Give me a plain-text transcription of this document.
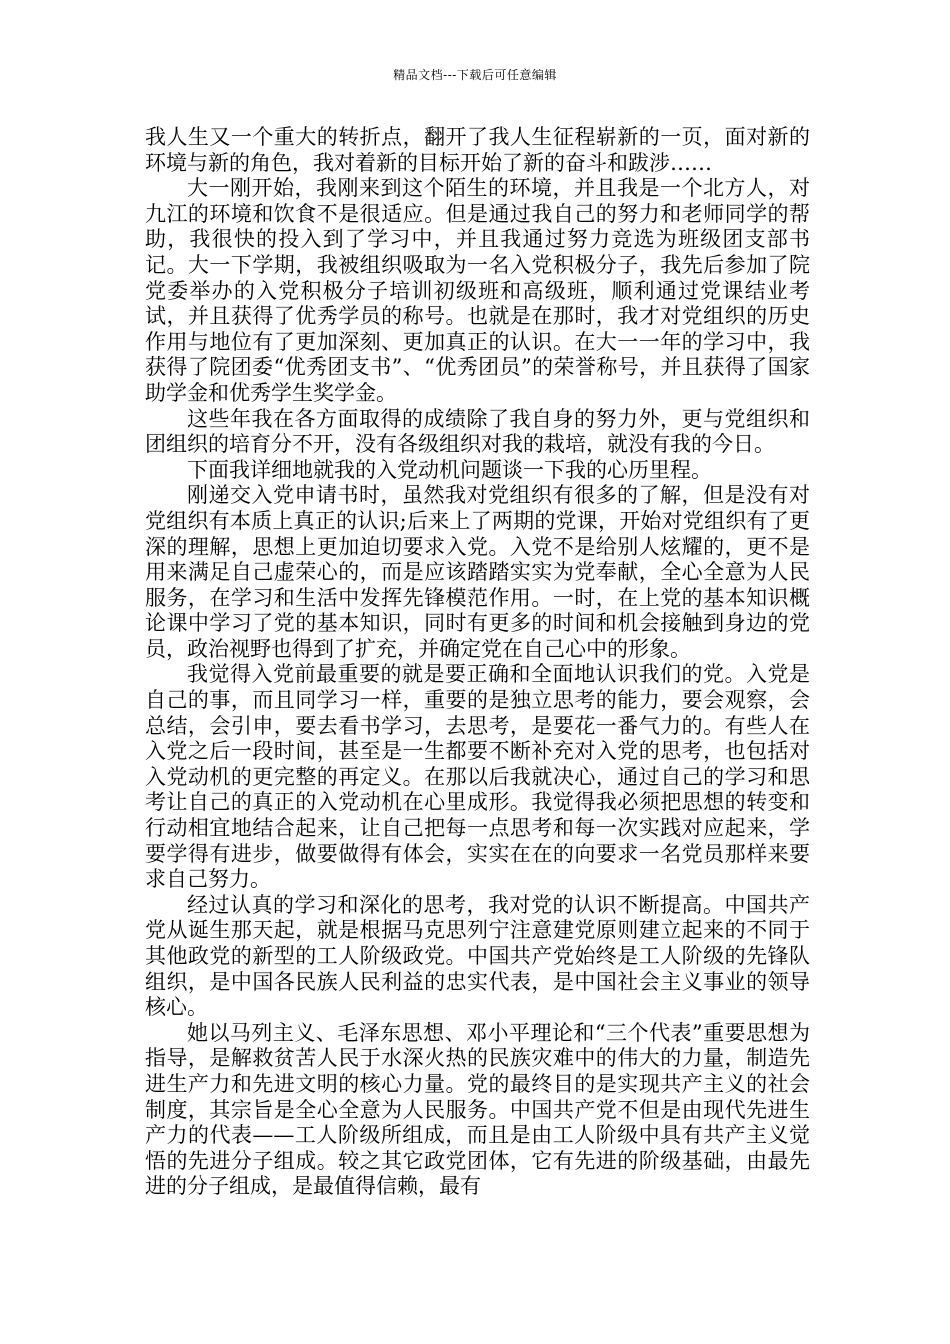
精品文档---下载后可任意编辑

我人生又一个重大的转折点，翻开了我人生征程崭新的一页，面对新的环境与新的角色，我对着新的目标开始了新的奋斗和跋涉……

大一刚开始，我刚来到这个陌生的环境，并且我是一个北方人，对九江的环境和饮食不是很适应。但是通过我自己的努力和老师同学的帮助，我很快的投入到了学习中，并且我通过努力竞选为班级团支部书记。大一下学期，我被组织吸取为一名入党积极分子，我先后参加了院党委举办的入党积极分子培训初级班和高级班，顺利通过党课结业考试，并且获得了优秀学员的称号。也就是在那时，我才对党组织的历史作用与地位有了更加深刻、更加真正的认识。在大一一年的学习中，我获得了院团委“优秀团支书”、“优秀团员”的荣誉称号，并且获得了国家助学金和优秀学生奖学金。

这些年我在各方面取得的成绩除了我自身的努力外，更与党组织和团组织的培育分不开，没有各级组织对我的栽培，就没有我的今日。

下面我详细地就我的入党动机问题谈一下我的心历里程。

刚递交入党申请书时，虽然我对党组织有很多的了解，但是没有对党组织有本质上真正的认识;后来上了两期的党课，开始对党组织有了更深的理解，思想上更加迫切要求入党。入党不是给别人炫耀的，更不是用来满足自己虚荣心的，而是应该踏踏实实为党奉献，全心全意为人民服务，在学习和生活中发挥先锋模范作用。一时，在上党的基本知识概论课中学习了党的基本知识，同时有更多的时间和机会接触到身边的党员，政治视野也得到了扩充，并确定党在自己心中的形象。

我觉得入党前最重要的就是要正确和全面地认识我们的党。入党是自己的事，而且同学习一样，重要的是独立思考的能力，要会观察，会总结，会引申，要去看书学习，去思考，是要花一番气力的。有些人在入党之后一段时间，甚至是一生都要不断补充对入党的思考，也包括对入党动机的更完整的再定义。在那以后我就决心，通过自己的学习和思考让自己的真正的入党动机在心里成形。我觉得我必须把思想的转变和行动相宜地结合起来，让自己把每一点思考和每一次实践对应起来，学要学得有进步，做要做得有体会，实实在在的向要求一名党员那样来要求自己努力。

经过认真的学习和深化的思考，我对党的认识不断提高。中国共产党从诞生那天起，就是根据马克思列宁注意建党原则建立起来的不同于其他政党的新型的工人阶级政党。中国共产党始终是工人阶级的先锋队组织，是中国各民族人民利益的忠实代表，是中国社会主义事业的领导核心。

她以马列主义、毛泽东思想、邓小平理论和“三个代表”重要思想为指导，是解救贫苦人民于水深火热的民族灾难中的伟大的力量，制造先进生产力和先进文明的核心力量。党的最终目的是实现共产主义的社会制度，其宗旨是全心全意为人民服务。中国共产党不但是由现代先进生产力的代表——工人阶级所组成，而且是由工人阶级中具有共产主义觉悟的先进分子组成。较之其它政党团体，它有先进的阶级基础，由最先进的分子组成，是最值得信赖，最有
